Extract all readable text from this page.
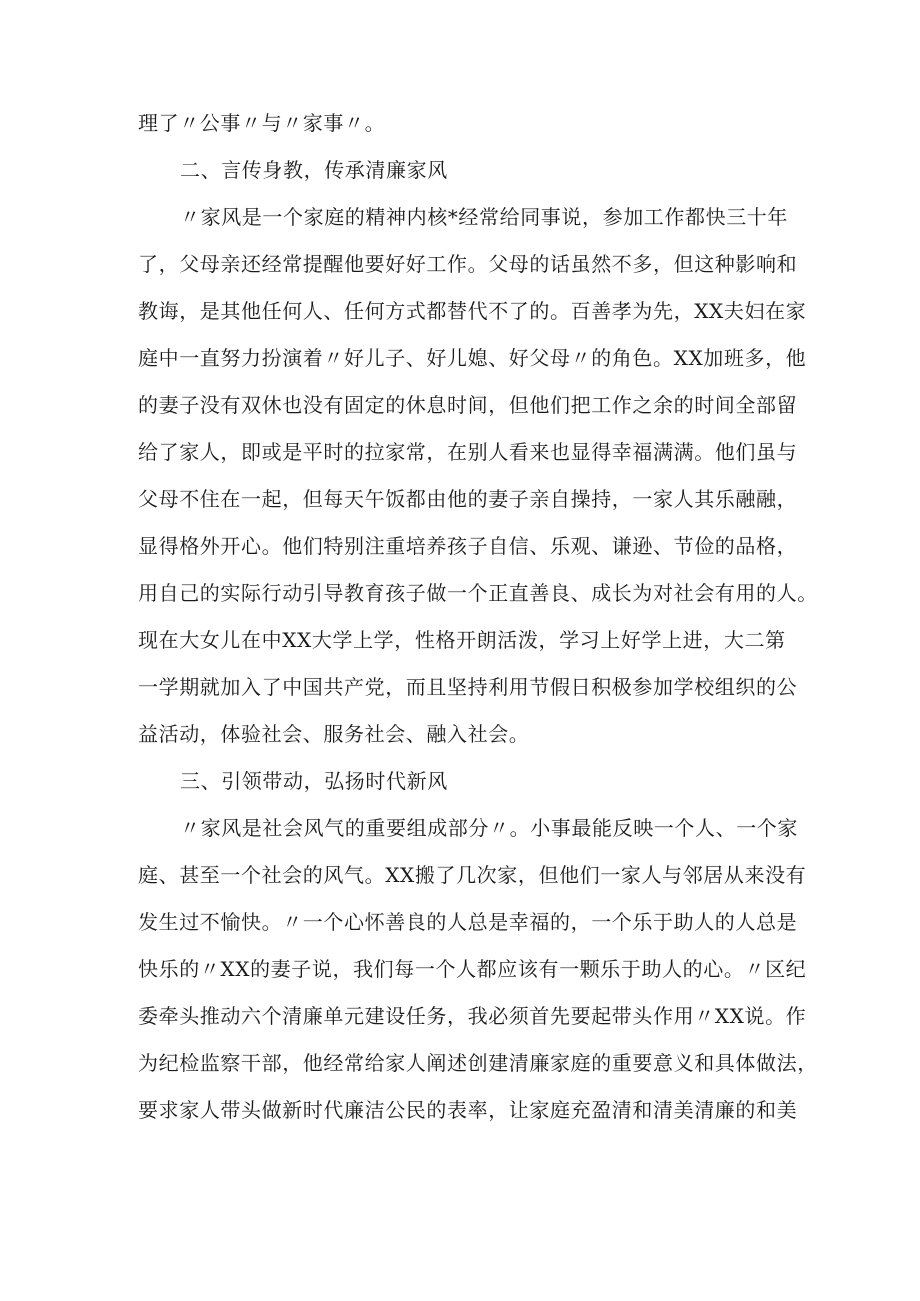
理了〃公事〃与〃家事〃。
二、言传身教，传承清廉家风
〃家风是一个家庭的精神内核*经常给同事说，参加工作都快三十年
了，父母亲还经常提醒他要好好工作。父母的话虽然不多，但这种影响和
教诲，是其他任何人、任何方式都替代不了的。百善孝为先，XX夫妇在家
庭中一直努力扮演着〃好儿子、好儿媳、好父母〃的角色。XX加班多，他
的妻子没有双休也没有固定的休息时间，但他们把工作之余的时间全部留
给了家人，即或是平时的拉家常，在别人看来也显得幸福满满。他们虽与
父母不住在一起，但每天午饭都由他的妻子亲自操持，一家人其乐融融，
显得格外开心。他们特别注重培养孩子自信、乐观、谦逊、节俭的品格，
用自己的实际行动引导教育孩子做一个正直善良、成长为对社会有用的人。
现在大女儿在中XX大学上学，性格开朗活泼，学习上好学上进，大二第
一学期就加入了中国共产党，而且坚持利用节假日积极参加学校组织的公
益活动，体验社会、服务社会、融入社会。
三、引领带动，弘扬时代新风
〃家风是社会风气的重要组成部分〃。小事最能反映一个人、一个家
庭、甚至一个社会的风气。XX搬了几次家，但他们一家人与邻居从来没有
发生过不愉快。〃一个心怀善良的人总是幸福的，一个乐于助人的人总是
快乐的〃XX的妻子说，我们每一个人都应该有一颗乐于助人的心。〃区纪
委牵头推动六个清廉单元建设任务，我必须首先要起带头作用〃XX说。作
为纪检监察干部，他经常给家人阐述创建清廉家庭的重要意义和具体做法，
要求家人带头做新时代廉洁公民的表率，让家庭充盈清和清美清廉的和美
